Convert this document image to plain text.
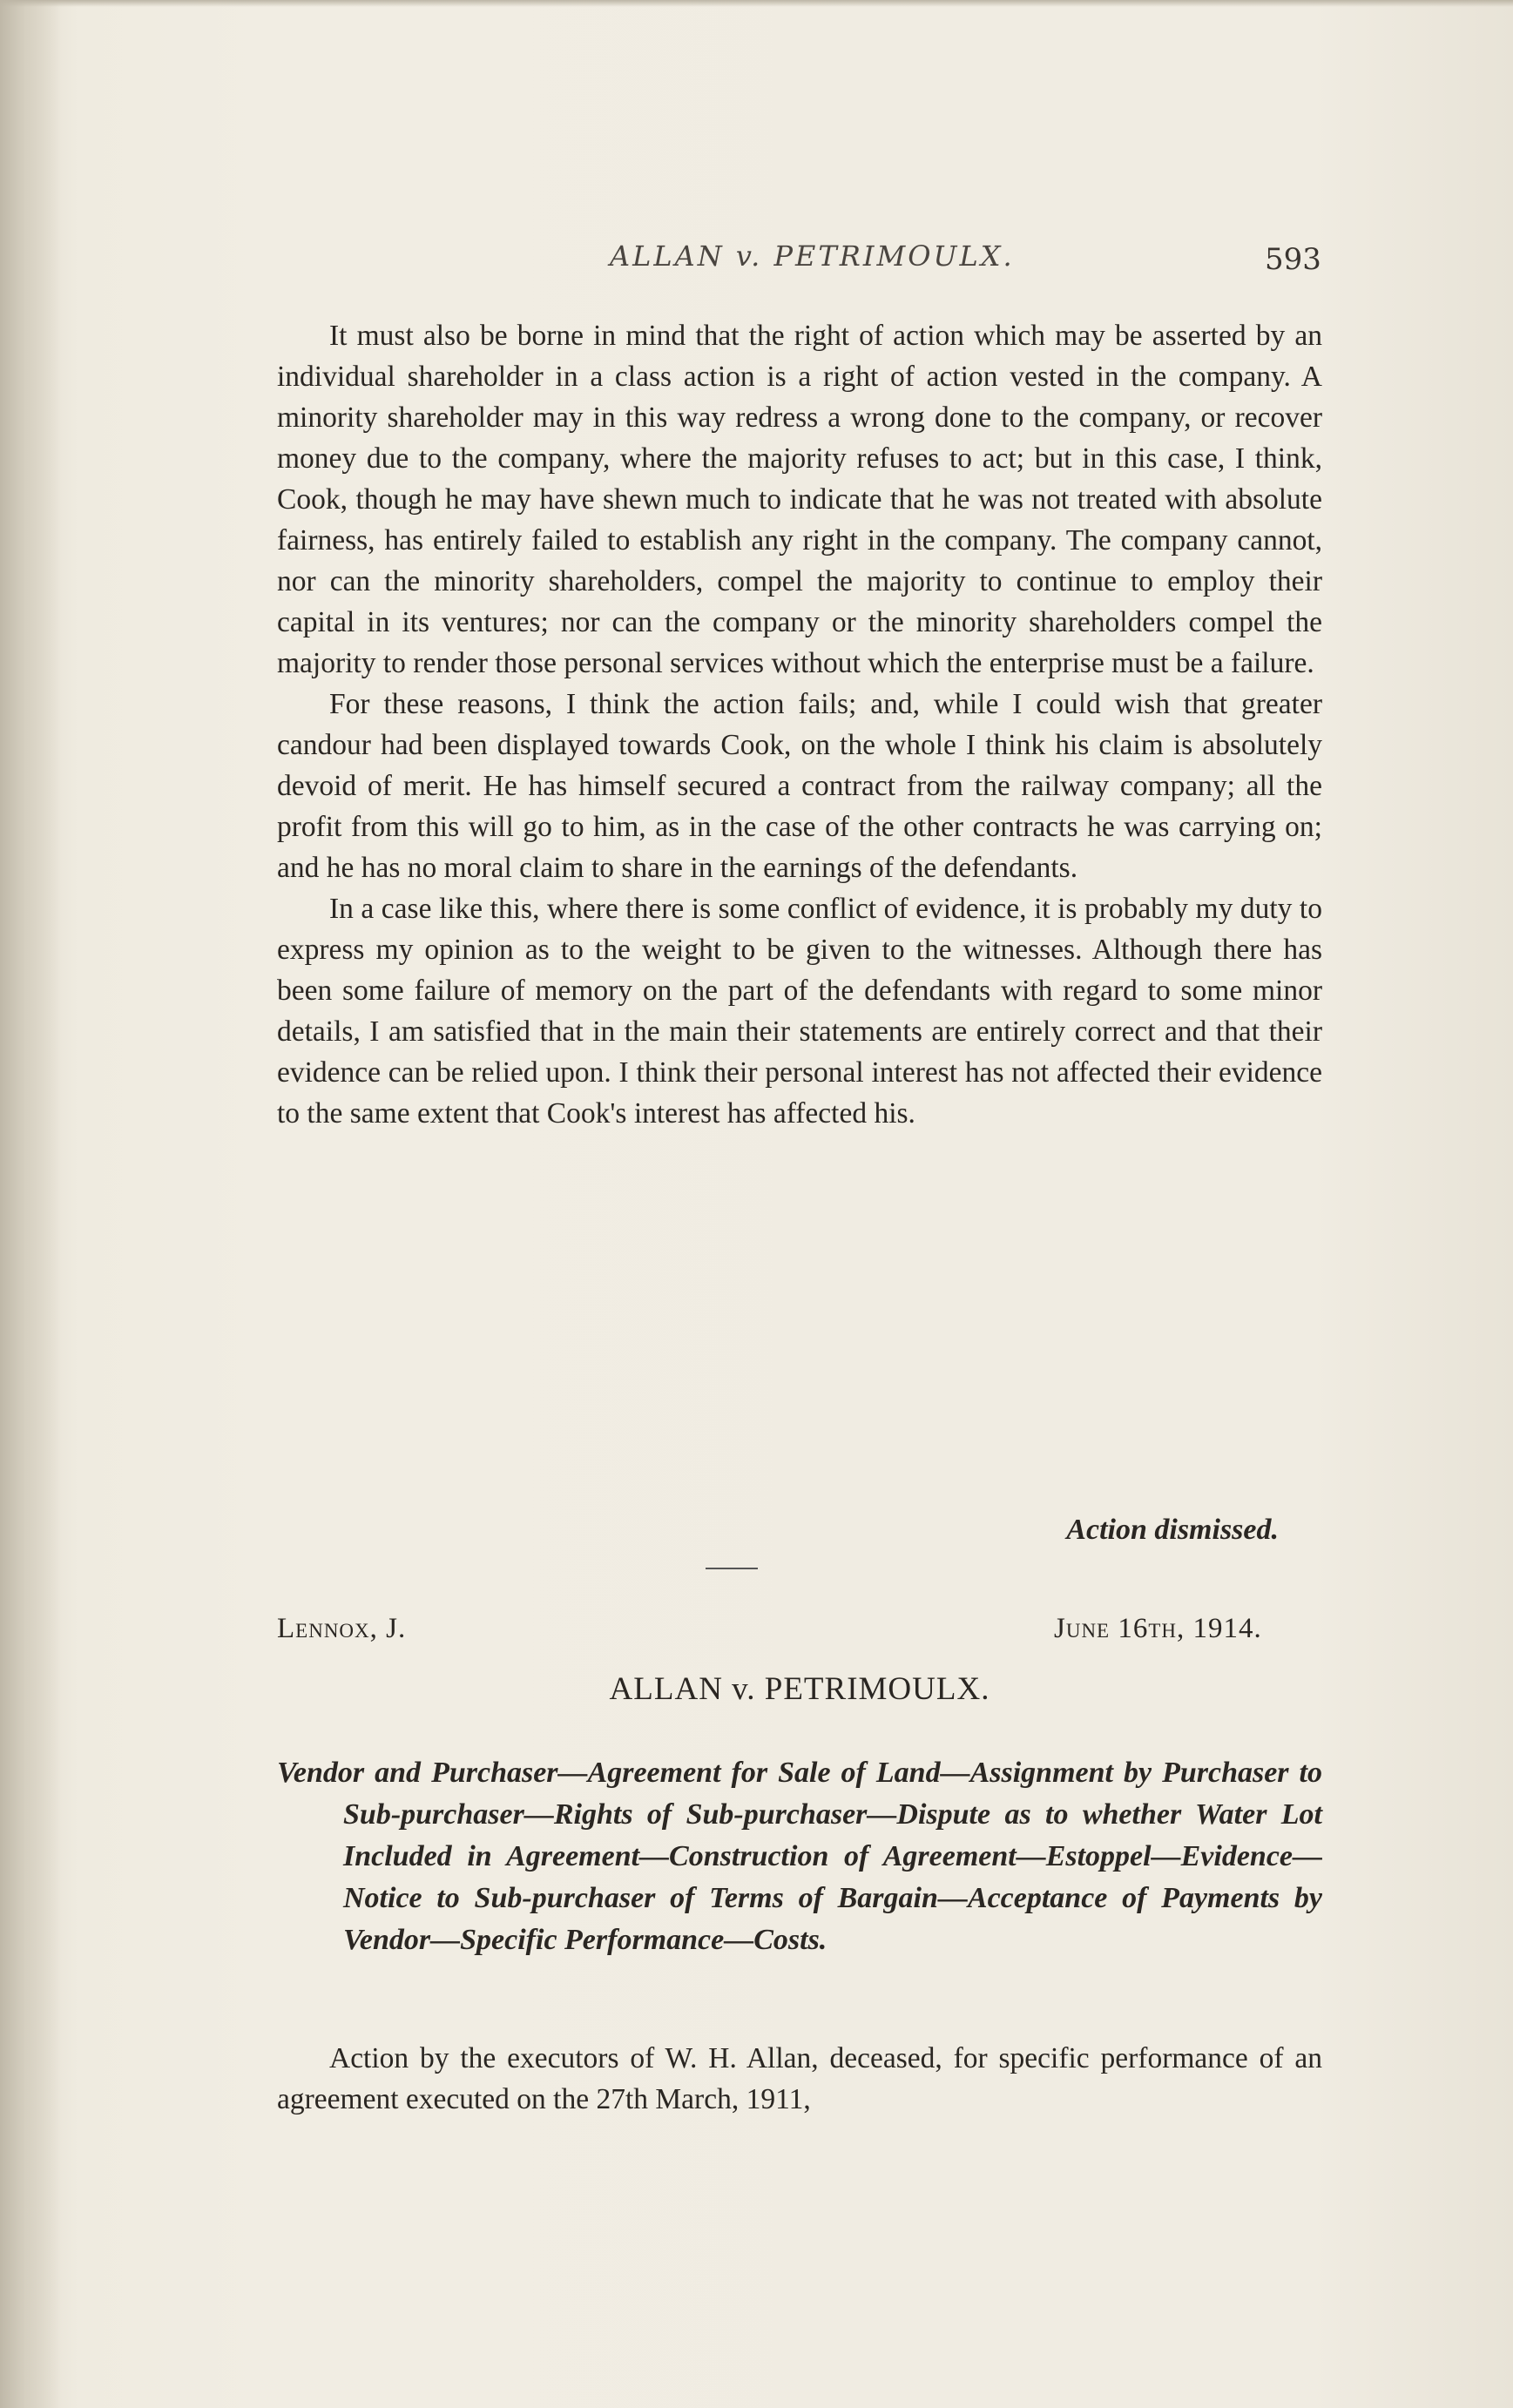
ALLAN v. PETRIMOULX.	593

It must also be borne in mind that the right of action which may be asserted by an individual shareholder in a class action is a right of action vested in the company. A minority shareholder may in this way redress a wrong done to the company, or recover money due to the company, where the majority refuses to act; but in this case, I think, Cook, though he may have shewn much to indicate that he was not treated with absolute fairness, has entirely failed to establish any right in the company. The company cannot, nor can the minority shareholders, compel the majority to continue to employ their capital in its ventures; nor can the company or the minority shareholders compel the majority to render those personal services without which the enterprise must be a failure.

For these reasons, I think the action fails; and, while I could wish that greater candour had been displayed towards Cook, on the whole I think his claim is absolutely devoid of merit. He has himself secured a contract from the railway company; all the profit from this will go to him, as in the case of the other contracts he was carrying on; and he has no moral claim to share in the earnings of the defendants.

In a case like this, where there is some conflict of evidence, it is probably my duty to express my opinion as to the weight to be given to the witnesses. Although there has been some failure of memory on the part of the defendants with regard to some minor details, I am satisfied that in the main their statements are entirely correct and that their evidence can be relied upon. I think their personal interest has not affected their evidence to the same extent that Cook's interest has affected his.

Action dismissed.
Lennox, J.	June 16th, 1914.
ALLAN v. PETRIMOULX.
Vendor and Purchaser—Agreement for Sale of Land—Assignment by Purchaser to Sub-purchaser—Rights of Sub-purchaser—Dispute as to whether Water Lot Included in Agreement—Construction of Agreement—Estoppel—Evidence—Notice to Sub-purchaser of Terms of Bargain—Acceptance of Payments by Vendor—Specific Performance—Costs.

Action by the executors of W. H. Allan, deceased, for specific performance of an agreement executed on the 27th March, 1911,
